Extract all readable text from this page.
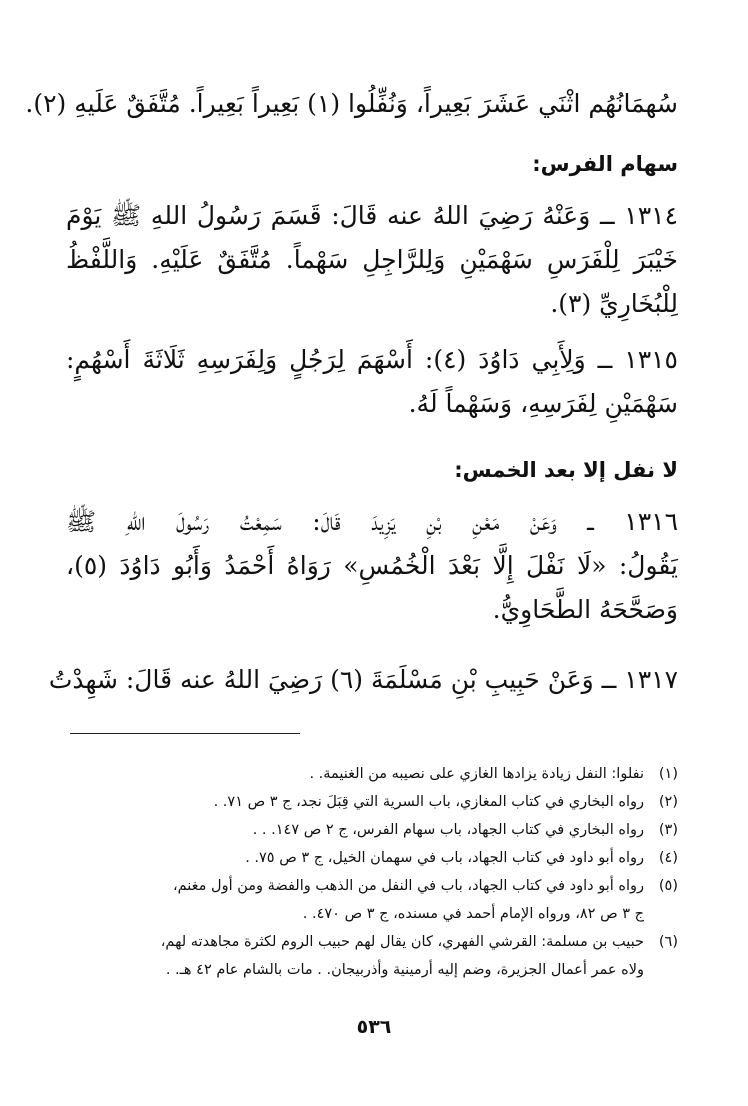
سُهمَانُهُم اثْنَي عَشَرَ بَعِيراً، وَنُفِّلُوا (١) بَعِيراً بَعِيراً. مُتَّفَقٌ عَلَيهِ (٢).
سهام الفرس:
١٣١٤ ــ وَعَنْهُ رَضِيَ اللهُ عنه قَالَ: قَسَمَ رَسُولُ اللهِ ﷺ يَوْمَ
خَيْبَرَ لِلْفَرَسِ سَهْمَيْنِ وَلِلرَّاجِلِ سَهْماً. مُتَّفَقٌ عَلَيْهِ. وَاللَّفْظُ
لِلْبُخَارِيِّ (٣).
١٣١٥ ــ وَلِأَبِي دَاوُدَ (٤): أَسْهَمَ لِرَجُلٍ وَلِفَرَسِهِ ثَلَاثَةَ أَسْهُمٍ:
سَهْمَيْنِ لِفَرَسِهِ، وَسَهْماً لَهُ.
لا نفل إلا بعد الخمس:
١٣١٦ ــ وَعَنْ مَعْنِ بْنِ يَزِيدَ قَالَ: سَمِعْتُ رَسُولَ اللهِ ﷺ
يَقُولُ: «لَا نَفْلَ إِلَّا بَعْدَ الْخُمُسِ» رَوَاهُ أَحْمَدُ وَأَبُو دَاوُدَ (٥)،
وَصَحَّحَهُ الطَّحَاوِيُّ.
١٣١٧ ــ وَعَنْ حَبِيبِ بْنِ مَسْلَمَةَ (٦) رَضِيَ اللهُ عنه قَالَ: شَهِدْتُ
(١)
نفلوا: النفل زيادة يزادها الغازي على نصيبه من الغنيمة. .
(٢)
رواه البخاري في كتاب المغازي، باب السرية التي قِبَلَ نجد، ج ٣ ص ٧١. .
(٣)
رواه البخاري في كتاب الجهاد، باب سهام الفرس، ج ٢ ص ١٤٧. . .
(٤)
رواه أبو داود في كتاب الجهاد، باب في سهمان الخيل، ج ٣ ص ٧٥. .
(٥)
رواه أبو داود في كتاب الجهاد، باب في النفل من الذهب والفضة ومن أول مغنم،
ج ٣ ص ٨٢، ورواه الإمام أحمد في مسنده، ج ٣ ص ٤٧٠. .
(٦)
حبيب بن مسلمة: القرشي الفهري، كان يقال لهم حبيب الروم لكثرة مجاهدته لهم،
ولاه عمر أعمال الجزيرة، وضم إليه أرمينية وأذربيجان. . مات بالشام عام ٤٢ هـ. .
٥٣٦
